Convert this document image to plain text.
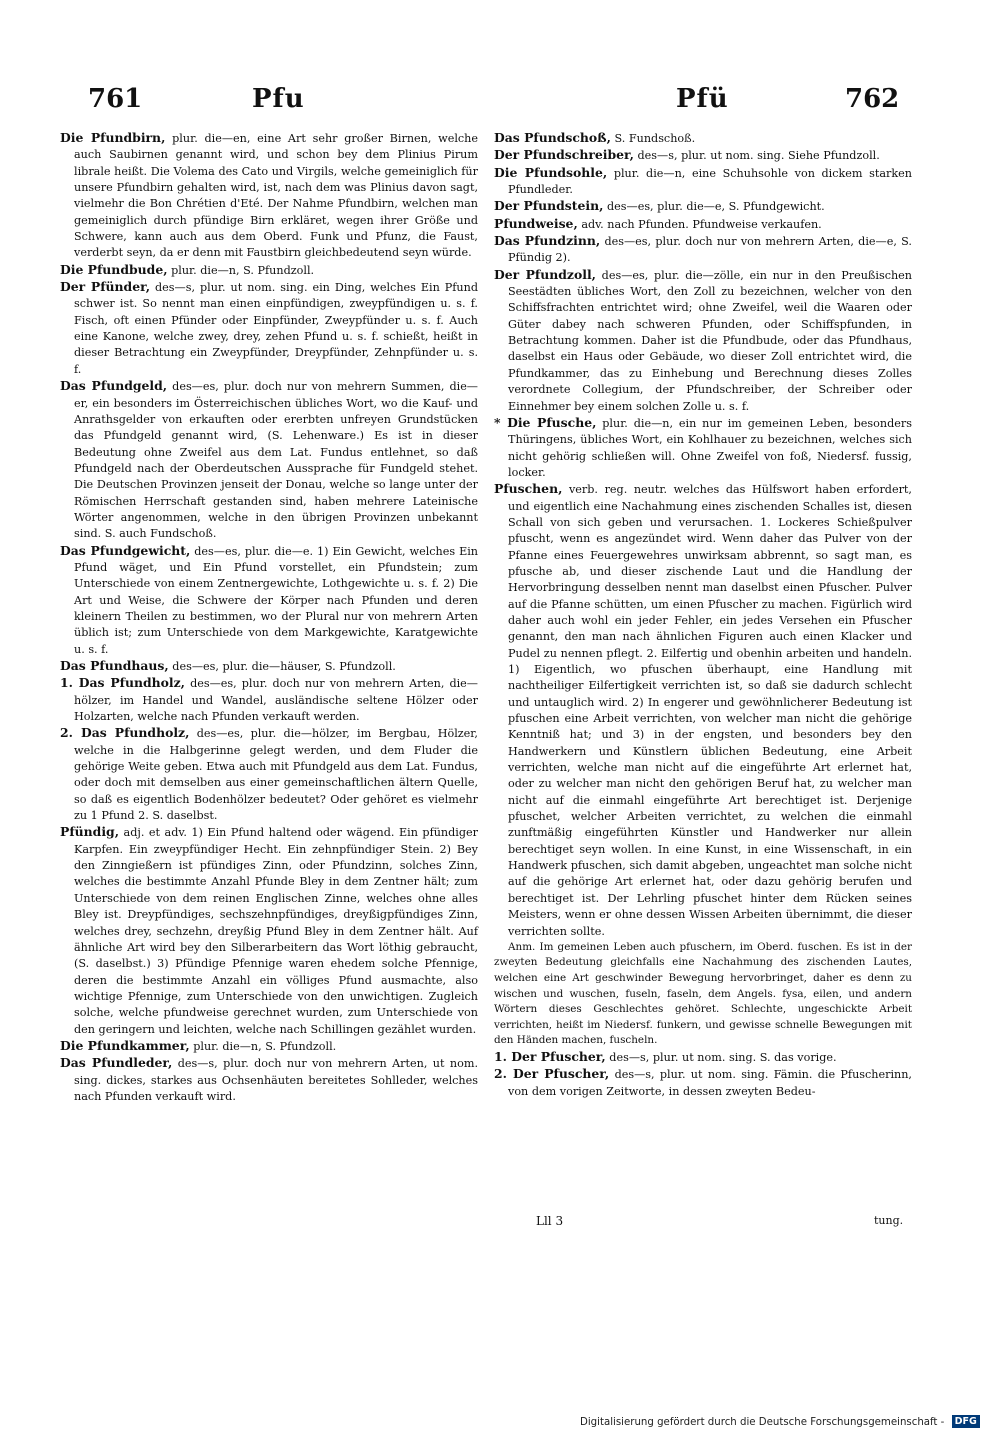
761	Pfu	Pfü	762

Die Pfundbirn, plur. die—en, eine Art sehr großer Birnen, welche auch Saubirnen genannt wird, und schon bey dem Plinius Pirum librale heißt. Die Volema des Cato und Virgils, welche gemeiniglich für unsere Pfundbirn gehalten wird, ist, nach dem was Plinius davon sagt, vielmehr die Bon Chrétien d'Eté. Der Nahme Pfundbirn, welchen man gemeiniglich durch pfündige Birn erkläret, wegen ihrer Größe und Schwere, kann auch aus dem Oberd. Funk und Pfunz, die Faust, verderbt seyn, da er denn mit Faustbirn gleichbedeutend seyn würde.

Die Pfundbude, plur. die—n, S. Pfundzoll.

Der Pfünder, des—s, plur. ut nom. sing. ein Ding, welches Ein Pfund schwer ist. So nennt man einen einpfündigen, zweypfündigen u. s. f. Fisch, oft einen Pfünder oder Einpfünder, Zweypfünder u. s. f. Auch eine Kanone, welche zwey, drey, zehen Pfund u. s. f. schießt, heißt in dieser Betrachtung ein Zweypfünder, Dreypfünder, Zehnpfünder u. s. f.

Das Pfundgeld, des—es, plur. doch nur von mehrern Summen, die—er, ein besonders im Österreichischen übliches Wort, wo die Kauf- und Anrathsgelder von erkauften oder ererbten unfreyen Grundstücken das Pfundgeld genannt wird, (S. Lehenware.) Es ist in dieser Bedeutung ohne Zweifel aus dem Lat. Fundus entlehnet, so daß Pfundgeld nach der Oberdeutschen Aussprache für Fundgeld stehet. Die Deutschen Provinzen jenseit der Donau, welche so lange unter der Römischen Herrschaft gestanden sind, haben mehrere Lateinische Wörter angenommen, welche in den übrigen Provinzen unbekannt sind. S. auch Fundschoß.

Das Pfundgewicht, des—es, plur. die—e. 1) Ein Gewicht, welches Ein Pfund wäget, und Ein Pfund vorstellet, ein Pfundstein; zum Unterschiede von einem Zentnergewichte, Lothgewichte u. s. f. 2) Die Art und Weise, die Schwere der Körper nach Pfunden und deren kleinern Theilen zu bestimmen, wo der Plural nur von mehrern Arten üblich ist; zum Unterschiede von dem Markgewichte, Karatgewichte u. s. f.

Das Pfundhaus, des—es, plur. die—häuser, S. Pfundzoll.

1. Das Pfundholz, des—es, plur. doch nur von mehrern Arten, die—hölzer, im Handel und Wandel, ausländische seltene Hölzer oder Holzarten, welche nach Pfunden verkauft werden.

2. Das Pfundholz, des—es, plur. die—hölzer, im Bergbau, Hölzer, welche in die Halbgerinne gelegt werden, und dem Fluder die gehörige Weite geben. Etwa auch mit Pfundgeld aus dem Lat. Fundus, oder doch mit demselben aus einer gemeinschaftlichen ältern Quelle, so daß es eigentlich Bodenhölzer bedeutet? Oder gehöret es vielmehr zu 1 Pfund 2. S. daselbst.

Pfündig, adj. et adv. 1) Ein Pfund haltend oder wägend. Ein pfündiger Karpfen. Ein zweypfündiger Hecht. Ein zehnpfündiger Stein. 2) Bey den Zinngießern ist pfündiges Zinn, oder Pfundzinn, solches Zinn, welches die bestimmte Anzahl Pfunde Bley in dem Zentner hält; zum Unterschiede von dem reinen Englischen Zinne, welches ohne alles Bley ist. Dreypfündiges, sechszehnpfündiges, dreyßigpfündiges Zinn, welches drey, sechzehn, dreyßig Pfund Bley in dem Zentner hält. Auf ähnliche Art wird bey den Silberarbeitern das Wort löthig gebraucht, (S. daselbst.) 3) Pfündige Pfennige waren ehedem solche Pfennige, deren die bestimmte Anzahl ein völliges Pfund ausmachte, also wichtige Pfennige, zum Unterschiede von den unwichtigen. Zugleich solche, welche pfundweise gerechnet wurden, zum Unterschiede von den geringern und leichten, welche nach Schillingen gezählet wurden.

Die Pfundkammer, plur. die—n, S. Pfundzoll.

Das Pfundleder, des—s, plur. doch nur von mehrern Arten, ut nom. sing. dickes, starkes aus Ochsenhäuten bereitetes Sohlleder, welches nach Pfunden verkauft wird.

Das Pfundschoß, S. Fundschoß.

Der Pfundschreiber, des—s, plur. ut nom. sing. Siehe Pfundzoll.

Die Pfundsohle, plur. die—n, eine Schuhsohle von dickem starken Pfundleder.

Der Pfundstein, des—es, plur. die—e, S. Pfundgewicht.

Pfundweise, adv. nach Pfunden. Pfundweise verkaufen.

Das Pfundzinn, des—es, plur. doch nur von mehrern Arten, die—e, S. Pfündig 2).

Der Pfundzoll, des—es, plur. die—zölle, ein nur in den Preußischen Seestädten übliches Wort, den Zoll zu bezeichnen, welcher von den Schiffsfrachten entrichtet wird; ohne Zweifel, weil die Waaren oder Güter dabey nach schweren Pfunden, oder Schiffspfunden, in Betrachtung kommen. Daher ist die Pfundbude, oder das Pfundhaus, daselbst ein Haus oder Gebäude, wo dieser Zoll entrichtet wird, die Pfundkammer, das zu Einhebung und Berechnung dieses Zolles verordnete Collegium, der Pfundschreiber, der Schreiber oder Einnehmer bey einem solchen Zolle u. s. f.

* Die Pfusche, plur. die—n, ein nur im gemeinen Leben, besonders Thüringens, übliches Wort, ein Kohlhauer zu bezeichnen, welches sich nicht gehörig schließen will. Ohne Zweifel von foß, Niedersf. fussig, locker.

Pfuschen, verb. reg. neutr. welches das Hülfswort haben erfordert, und eigentlich eine Nachahmung eines zischenden Schalles ist, diesen Schall von sich geben und verursachen. 1. Lockeres Schießpulver pfuscht, wenn es angezündet wird. Wenn daher das Pulver von der Pfanne eines Feuergewehres unwirksam abbrennt, so sagt man, es pfusche ab, und dieser zischende Laut und die Handlung der Hervorbringung desselben nennt man daselbst einen Pfuscher. Pulver auf die Pfanne schütten, um einen Pfuscher zu machen. Figürlich wird daher auch wohl ein jeder Fehler, ein jedes Versehen ein Pfuscher genannt, den man nach ähnlichen Figuren auch einen Klacker und Pudel zu nennen pflegt. 2. Eilfertig und obenhin arbeiten und handeln. 1) Eigentlich, wo pfuschen überhaupt, eine Handlung mit nachtheiliger Eilfertigkeit verrichten ist, so daß sie dadurch schlecht und untauglich wird. 2) In engerer und gewöhnlicherer Bedeutung ist pfuschen eine Arbeit verrichten, von welcher man nicht die gehörige Kenntniß hat; und 3) in der engsten, und besonders bey den Handwerkern und Künstlern üblichen Bedeutung, eine Arbeit verrichten, welche man nicht auf die eingeführte Art erlernet hat, oder zu welcher man nicht den gehörigen Beruf hat, zu welcher man nicht auf die einmahl eingeführte Art berechtiget ist. Derjenige pfuschet, welcher Arbeiten verrichtet, zu welchen die einmahl zunftmäßig eingeführten Künstler und Handwerker nur allein berechtiget seyn wollen. In eine Kunst, in eine Wissenschaft, in ein Handwerk pfuschen, sich damit abgeben, ungeachtet man solche nicht auf die gehörige Art erlernet hat, oder dazu gehörig berufen und berechtiget ist. Der Lehrling pfuschet hinter dem Rücken seines Meisters, wenn er ohne dessen Wissen Arbeiten übernimmt, die dieser verrichten sollte.

Anm. Im gemeinen Leben auch pfuschern, im Oberd. fuschen. Es ist in der zweyten Bedeutung gleichfalls eine Nachahmung des zischenden Lautes, welchen eine Art geschwinder Bewegung hervorbringet, daher es denn zu wischen und wuschen, fuseln, faseln, dem Angels. fysa, eilen, und andern Wörtern dieses Geschlechtes gehöret. Schlechte, ungeschickte Arbeit verrichten, heißt im Niedersf. funkern, und gewisse schnelle Bewegungen mit den Händen machen, fuscheln.

1. Der Pfuscher, des—s, plur. ut nom. sing. S. das vorige.

2. Der Pfuscher, des—s, plur. ut nom. sing. Fämin. die Pfuscherinn, von dem vorigen Zeitworte, in dessen zweyten Bedeu-

Lll 3	tung.
Digitalisierung gefördert durch die Deutsche Forschungsgemeinschaft - DFG
